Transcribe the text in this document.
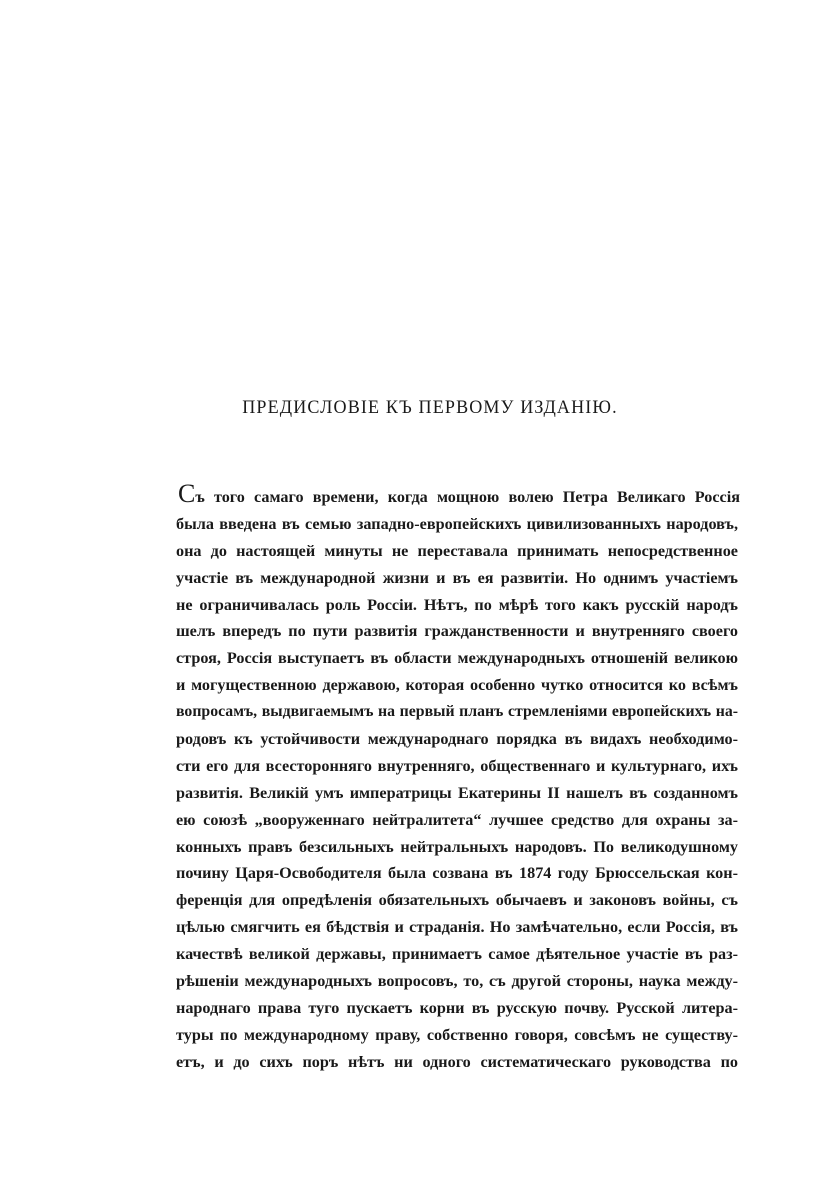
ПРЕДИСЛОВІЕ КЪ ПЕРВОМУ ИЗДАНІЮ.
Съ того самаго времени, когда мощною волею Петра Великаго Россія
была введена въ семью западно-европейскихъ цивилизованныхъ народовъ,
она до настоящей минуты не переставала принимать непосредственное
участіе въ международной жизни и въ ея развитіи. Но однимъ участіемъ
не ограничивалась роль Россіи. Нѣтъ, по мѣрѣ того какъ русскій народъ
шелъ впередъ по пути развитія гражданственности и внутренняго своего
строя, Россія выступаетъ въ области международныхъ отношеній великою
и могущественною державою, которая особенно чутко относится ко всѣмъ
вопросамъ, выдвигаемымъ на первый планъ стремленіями европейскихъ на-
родовъ къ устойчивости международнаго порядка въ видахъ необходимо-
сти его для всесторонняго внутренняго, общественнаго и культурнаго, ихъ
развитія. Великій умъ императрицы Екатерины II нашелъ въ созданномъ
ею союзѣ „вооруженнаго нейтралитета“ лучшее средство для охраны за-
конныхъ правъ безсильныхъ нейтральныхъ народовъ. По великодушному
почину Царя-Освободителя была созвана въ 1874 году Брюссельская кон-
ференція для опредѣленія обязательныхъ обычаевъ и законовъ войны, съ
цѣлью смягчить ея бѣдствія и страданія. Но замѣчательно, если Россія, въ
качествѣ великой державы, принимаетъ самое дѣятельное участіе въ раз-
рѣшеніи международныхъ вопросовъ, то, съ другой стороны, наука между-
народнаго права туго пускаетъ корни въ русскую почву. Русской литера-
туры по международному праву, собственно говоря, совсѣмъ не существу-
етъ, и до сихъ поръ нѣтъ ни одного систематическаго руководства по
